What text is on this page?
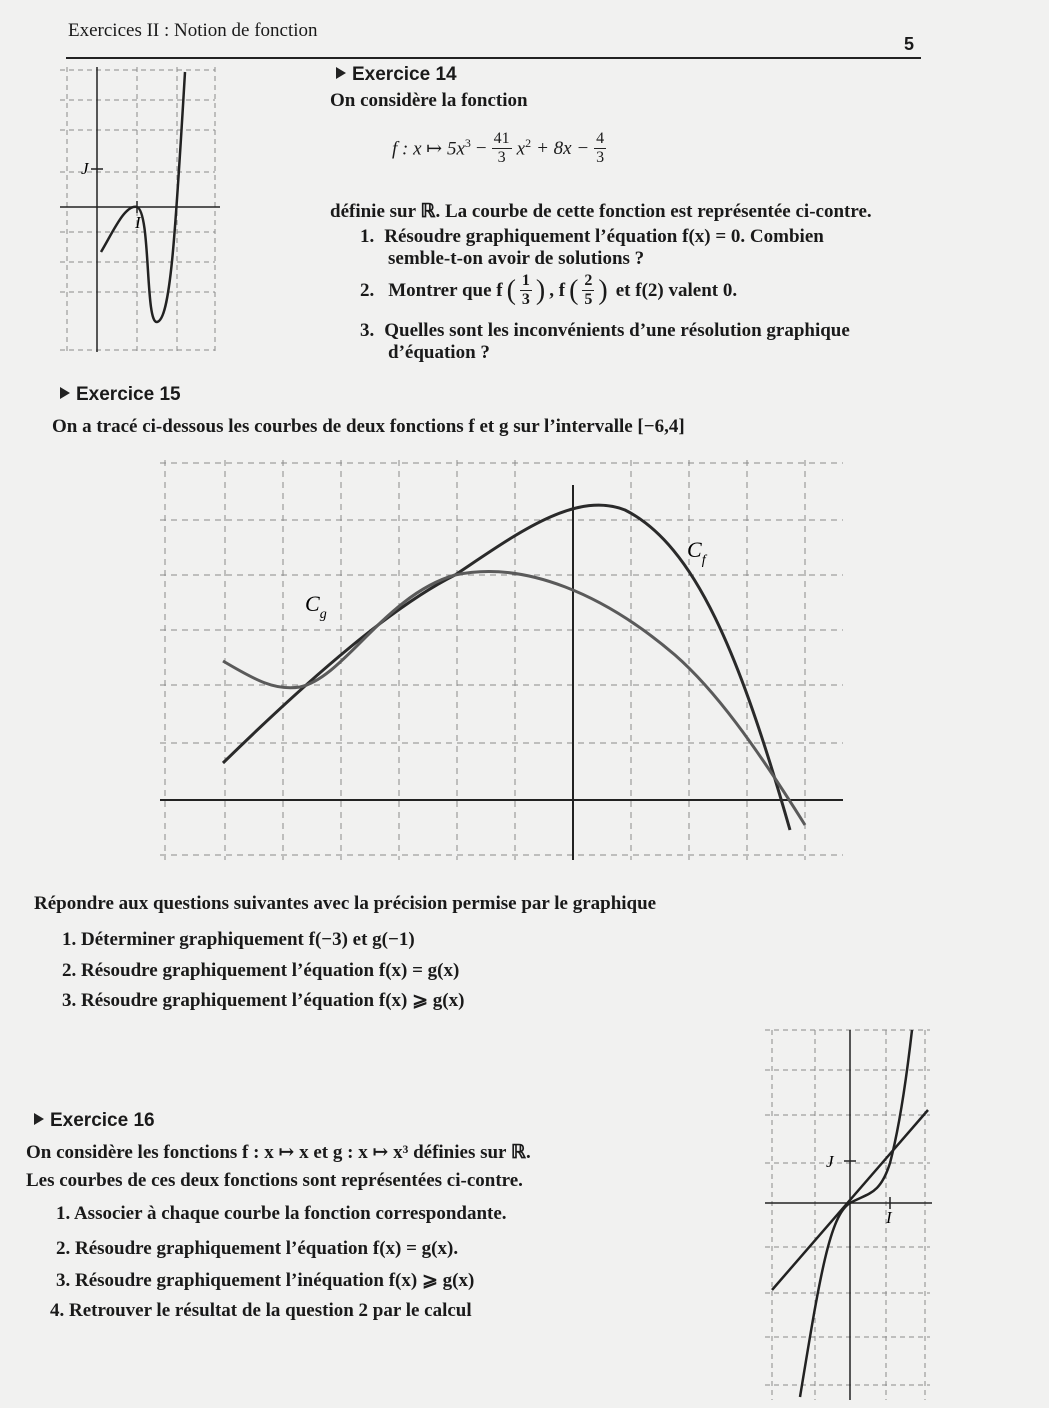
Exercices II : Notion de fonction
5
J
I
Exercice 14
On considère la fonction
f : x ↦ $5x^3 - \frac{41}{3} x^2 + 8x - \frac{4}{3}$
définie sur ℝ. La courbe de cette fonction est représentée ci-contre.
1. Résoudre graphiquement l’équation f(x) = 0. Combien
semble-t-on avoir de solutions ?
2. Montrer que f ( $\frac{1}{3}$ ) , f ( $\frac{2}{5}$ ) et f(2) valent 0.
3. Quelles sont les inconvénients d’une résolution graphique
d’équation ?
Exercice 15
On a tracé ci-dessous les courbes de deux fonctions f et g sur l’intervalle [−6,4]
$C_f$
$C_g$
Répondre aux questions suivantes avec la précision permise par le graphique
1. Déterminer graphiquement f(−3) et g(−1)
2. Résoudre graphiquement l’équation f(x) = g(x)
3. Résoudre graphiquement l’équation f(x) ⩾ g(x)
Exercice 16
On considère les fonctions f : x ↦ x et g : x ↦ x³ définies sur ℝ.
Les courbes de ces deux fonctions sont représentées ci-contre.
1. Associer à chaque courbe la fonction correspondante.
2. Résoudre graphiquement l’équation f(x) = g(x).
3. Résoudre graphiquement l’inéquation f(x) ⩾ g(x)
4. Retrouver le résultat de la question 2 par le calcul
J
I
